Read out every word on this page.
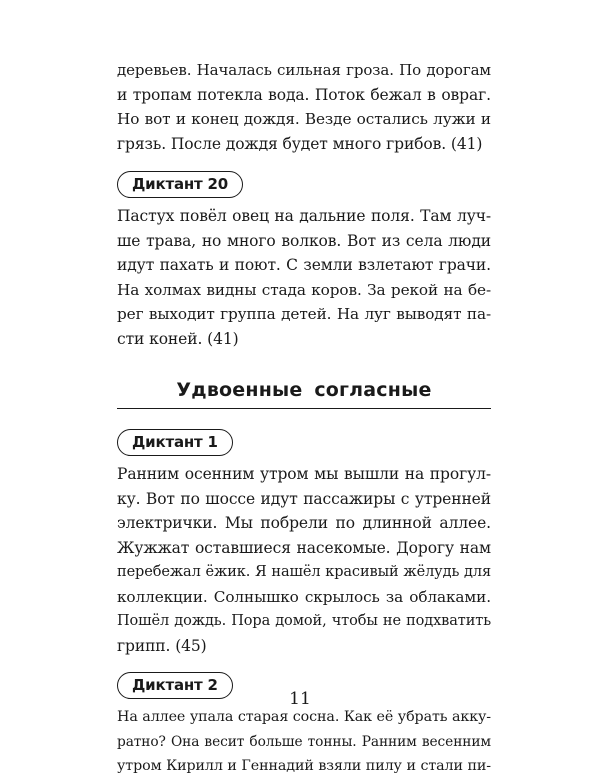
деревьев. Началась сильная гроза. По дорогам
и тропам потекла вода. Поток бежал в овраг.
Но вот и конец дождя. Везде остались лужи и
грязь. После дождя будет много грибов. (41)
Диктант 20
Пастух повёл овец на дальние поля. Там луч-
ше трава, но много волков. Вот из села люди
идут пахать и поют. С земли взлетают грачи.
На холмах видны стада коров. За рекой на бе-
рег выходит группа детей. На луг выводят па-
сти коней. (41)
Удвоенные согласные
Диктант 1
Ранним осенним утром мы вышли на прогул-
ку. Вот по шоссе идут пассажиры с утренней
электрички. Мы побрели по длинной аллее.
Жужжат оставшиеся насекомые. Дорогу нам
перебежал ёжик. Я нашёл красивый жёлудь для
коллекции. Солнышко скрылось за облаками.
Пошёл дождь. Пора домой, чтобы не подхватить
грипп. (45)
Диктант 2
На аллее упала старая сосна. Как её убрать акку-
ратно? Она весит больше тонны. Ранним весенним
утром Кирилл и Геннадий взяли пилу и стали пи-
11
